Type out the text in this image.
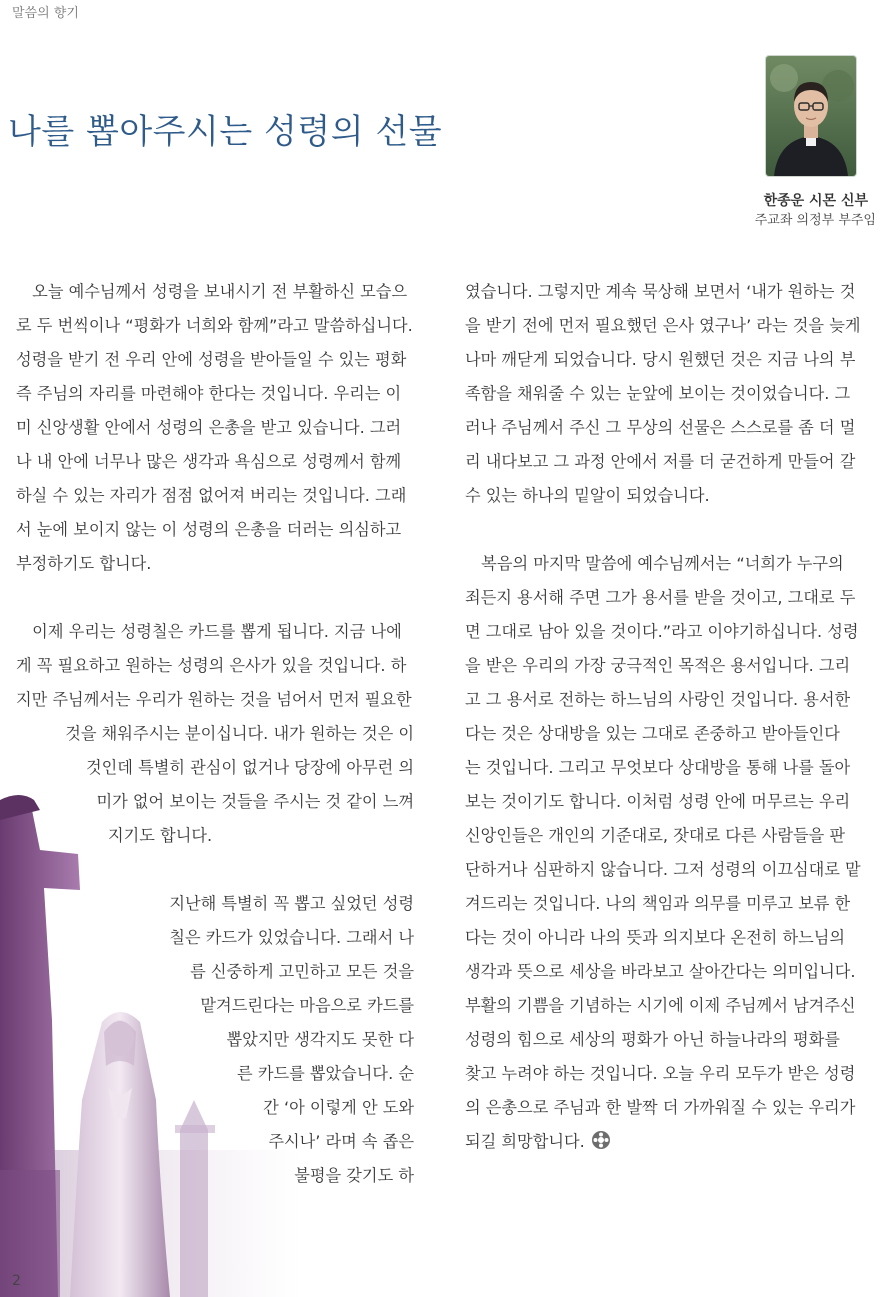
말씀의 향기
나를 뽑아주시는 성령의 선물
한종운 시몬 신부
주교좌 의정부 부주임

　오늘 예수님께서 성령을 보내시기 전 부활하신 모습으

로 두 번씩이나 “평화가 너희와 함께”라고 말씀하십니다.

성령을 받기 전 우리 안에 성령을 받아들일 수 있는 평화

즉 주님의 자리를 마련해야 한다는 것입니다. 우리는 이

미 신앙생활 안에서 성령의 은총을 받고 있습니다. 그러

나 내 안에 너무나 많은 생각과 욕심으로 성령께서 함께

하실 수 있는 자리가 점점 없어져 버리는 것입니다. 그래

서 눈에 보이지 않는 이 성령의 은총을 더러는 의심하고

부정하기도 합니다.

　이제 우리는 성령칠은 카드를 뽑게 됩니다. 지금 나에

게 꼭 필요하고 원하는 성령의 은사가 있을 것입니다. 하

지만 주님께서는 우리가 원하는 것을 넘어서 먼저 필요한

것을 채워주시는 분이십니다. 내가 원하는 것은 이

것인데 특별히 관심이 없거나 당장에 아무런 의

미가 없어 보이는 것들을 주시는 것 같이 느껴

지기도 합니다.

지난해 특별히 꼭 뽑고 싶었던 성령

칠은 카드가 있었습니다. 그래서 나

름 신중하게 고민하고 모든 것을

맡겨드린다는 마음으로 카드를

뽑았지만 생각지도 못한 다

른 카드를 뽑았습니다. 순

간 ‘아 이렇게 안 도와

주시나’ 라며 속 좁은

불평을 갖기도 하

였습니다. 그렇지만 계속 묵상해 보면서 ‘내가 원하는 것

을 받기 전에 먼저 필요했던 은사 였구나’ 라는 것을 늦게

나마 깨닫게 되었습니다. 당시 원했던 것은 지금 나의 부

족함을 채워줄 수 있는 눈앞에 보이는 것이었습니다. 그

러나 주님께서 주신 그 무상의 선물은 스스로를 좀 더 멀

리 내다보고 그 과정 안에서 저를 더 굳건하게 만들어 갈

수 있는 하나의 밑알이 되었습니다.

　복음의 마지막 말씀에 예수님께서는 “너희가 누구의

죄든지 용서해 주면 그가 용서를 받을 것이고, 그대로 두

면 그대로 남아 있을 것이다.”라고 이야기하십니다. 성령

을 받은 우리의 가장 궁극적인 목적은 용서입니다. 그리

고 그 용서로 전하는 하느님의 사랑인 것입니다. 용서한

다는 것은 상대방을 있는 그대로 존중하고 받아들인다

는 것입니다. 그리고 무엇보다 상대방을 통해 나를 돌아

보는 것이기도 합니다. 이처럼 성령 안에 머무르는 우리

신앙인들은 개인의 기준대로, 잣대로 다른 사람들을 판

단하거나 심판하지 않습니다. 그저 성령의 이끄심대로 맡

겨드리는 것입니다. 나의 책임과 의무를 미루고 보류 한

다는 것이 아니라 나의 뜻과 의지보다 온전히 하느님의

생각과 뜻으로 세상을 바라보고 살아간다는 의미입니다.

부활의 기쁨을 기념하는 시기에 이제 주님께서 남겨주신

성령의 힘으로 세상의 평화가 아닌 하늘나라의 평화를

찾고 누려야 하는 것입니다. 오늘 우리 모두가 받은 성령

의 은총으로 주님과 한 발짝 더 가까워질 수 있는 우리가

되길 희망합니다.

2
